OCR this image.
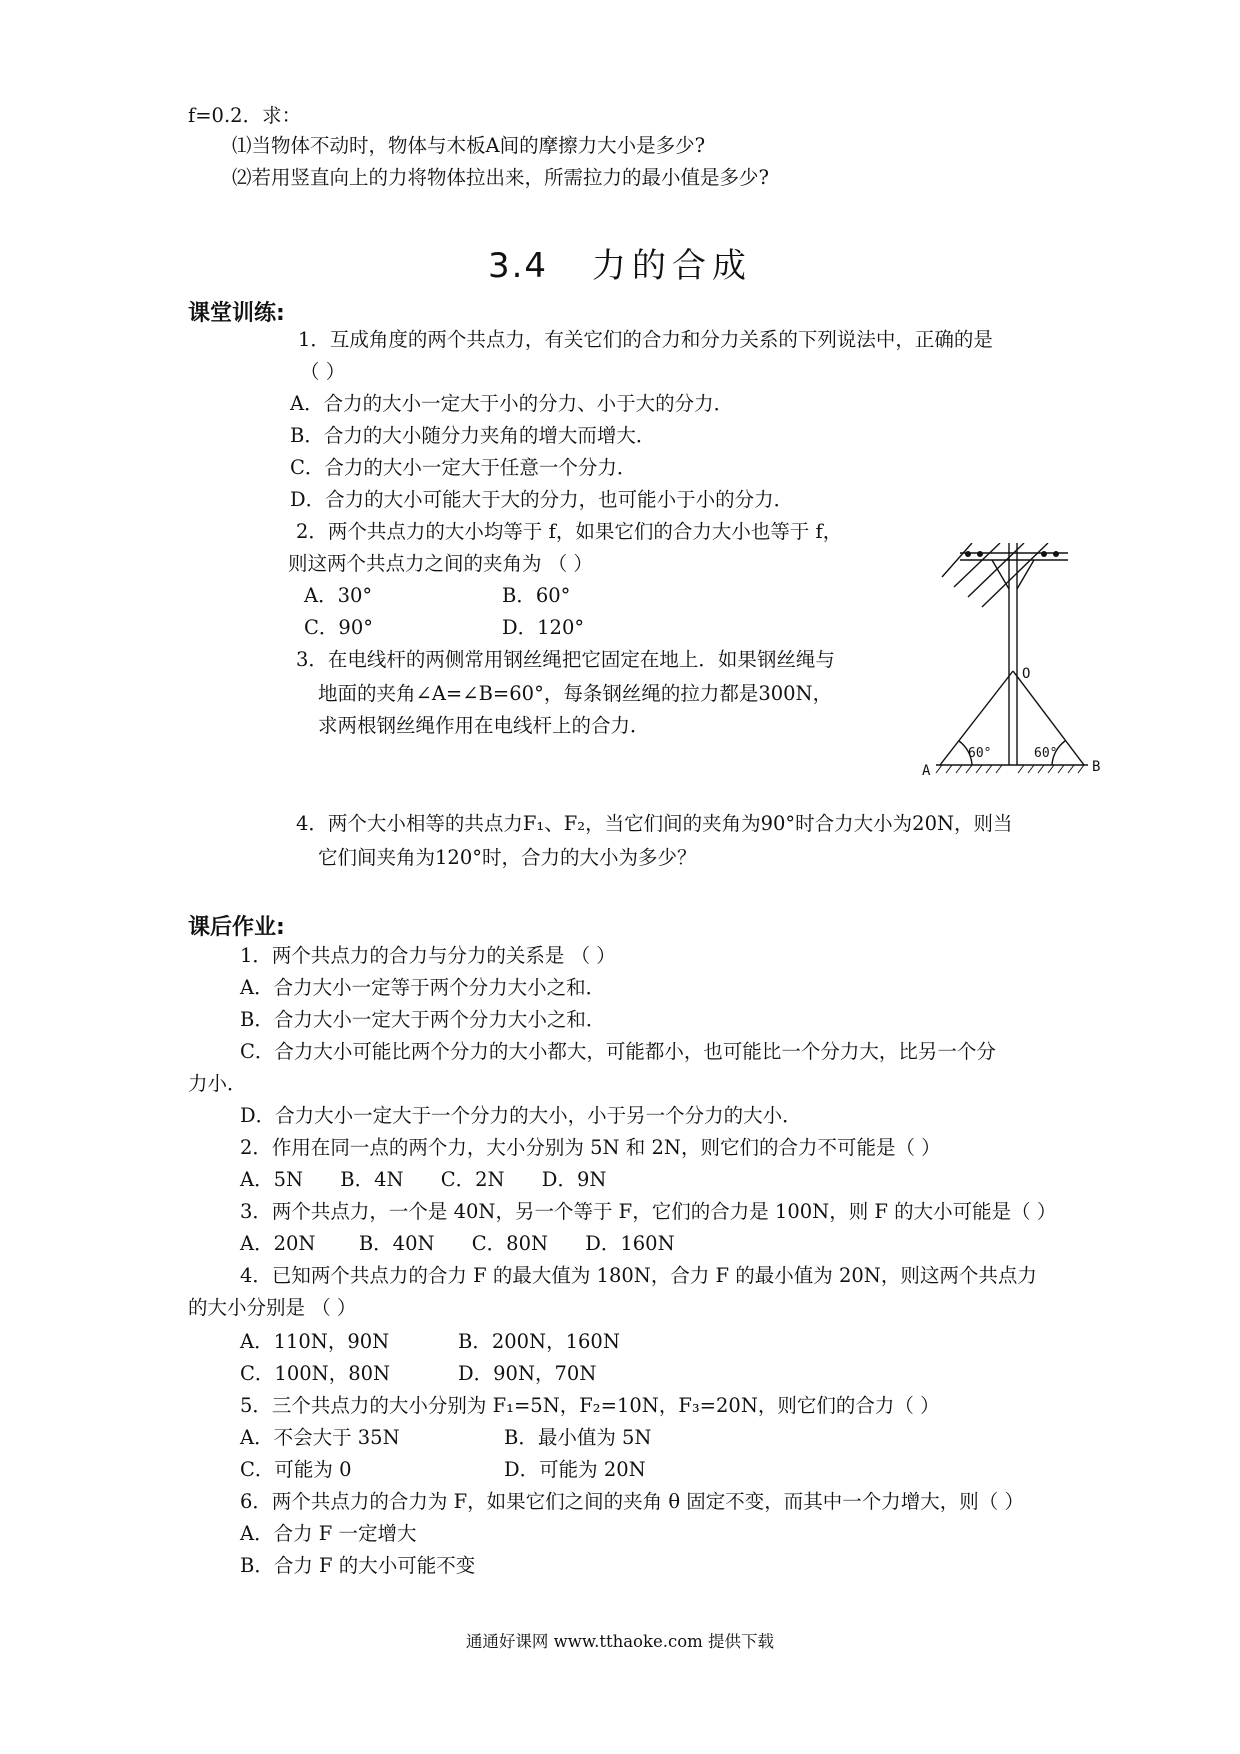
f=0.2．求：
⑴当物体不动时，物体与木板A间的摩擦力大小是多少?
⑵若用竖直向上的力将物体拉出来，所需拉力的最小值是多少?
3.4 力的合成
课堂训练:
1．互成角度的两个共点力，有关它们的合力和分力关系的下列说法中，正确的是
（ ）
A．合力的大小一定大于小的分力、小于大的分力．
B．合力的大小随分力夹角的增大而增大．
C．合力的大小一定大于任意一个分力．
D．合力的大小可能大于大的分力，也可能小于小的分力．
2．两个共点力的大小均等于 f，如果它们的合力大小也等于 f，
则这两个共点力之间的夹角为 （ ）
A．30°	B．60°
C．90°	D．120°
3．在电线杆的两侧常用钢丝绳把它固定在地上．如果钢丝绳与
地面的夹角∠A=∠B=60°，每条钢丝绳的拉力都是300N，
求两根钢丝绳作用在电线杆上的合力．
O
A	B
60°	60°
4．两个大小相等的共点力F₁、F₂，当它们间的夹角为90°时合力大小为20N，则当
它们间夹角为120°时，合力的大小为多少？
课后作业:
1．两个共点力的合力与分力的关系是 （ ）
A．合力大小一定等于两个分力大小之和．
B．合力大小一定大于两个分力大小之和．
C．合力大小可能比两个分力的大小都大，可能都小，也可能比一个分力大，比另一个分
力小．
D．合力大小一定大于一个分力的大小，小于另一个分力的大小．
2．作用在同一点的两个力，大小分别为 5N 和 2N，则它们的合力不可能是（ ）
A．5N      B．4N      C．2N      D．9N
3．两个共点力，一个是 40N，另一个等于 F，它们的合力是 100N，则 F 的大小可能是（ ）
A．20N       B．40N      C．80N      D．160N
4．已知两个共点力的合力 F 的最大值为 180N，合力 F 的最小值为 20N，则这两个共点力
的大小分别是 （ ）
A．110N，90N	B．200N，160N
C．100N，80N	D．90N，70N
5．三个共点力的大小分别为 F₁=5N，F₂=10N，F₃=20N，则它们的合力（ ）
A．不会大于 35N	B．最小值为 5N
C．可能为 0	D．可能为 20N
6．两个共点力的合力为 F，如果它们之间的夹角 θ 固定不变，而其中一个力增大，则（ ）
A．合力 F 一定增大
B．合力 F 的大小可能不变
通通好课网 www.tthaoke.com 提供下载
